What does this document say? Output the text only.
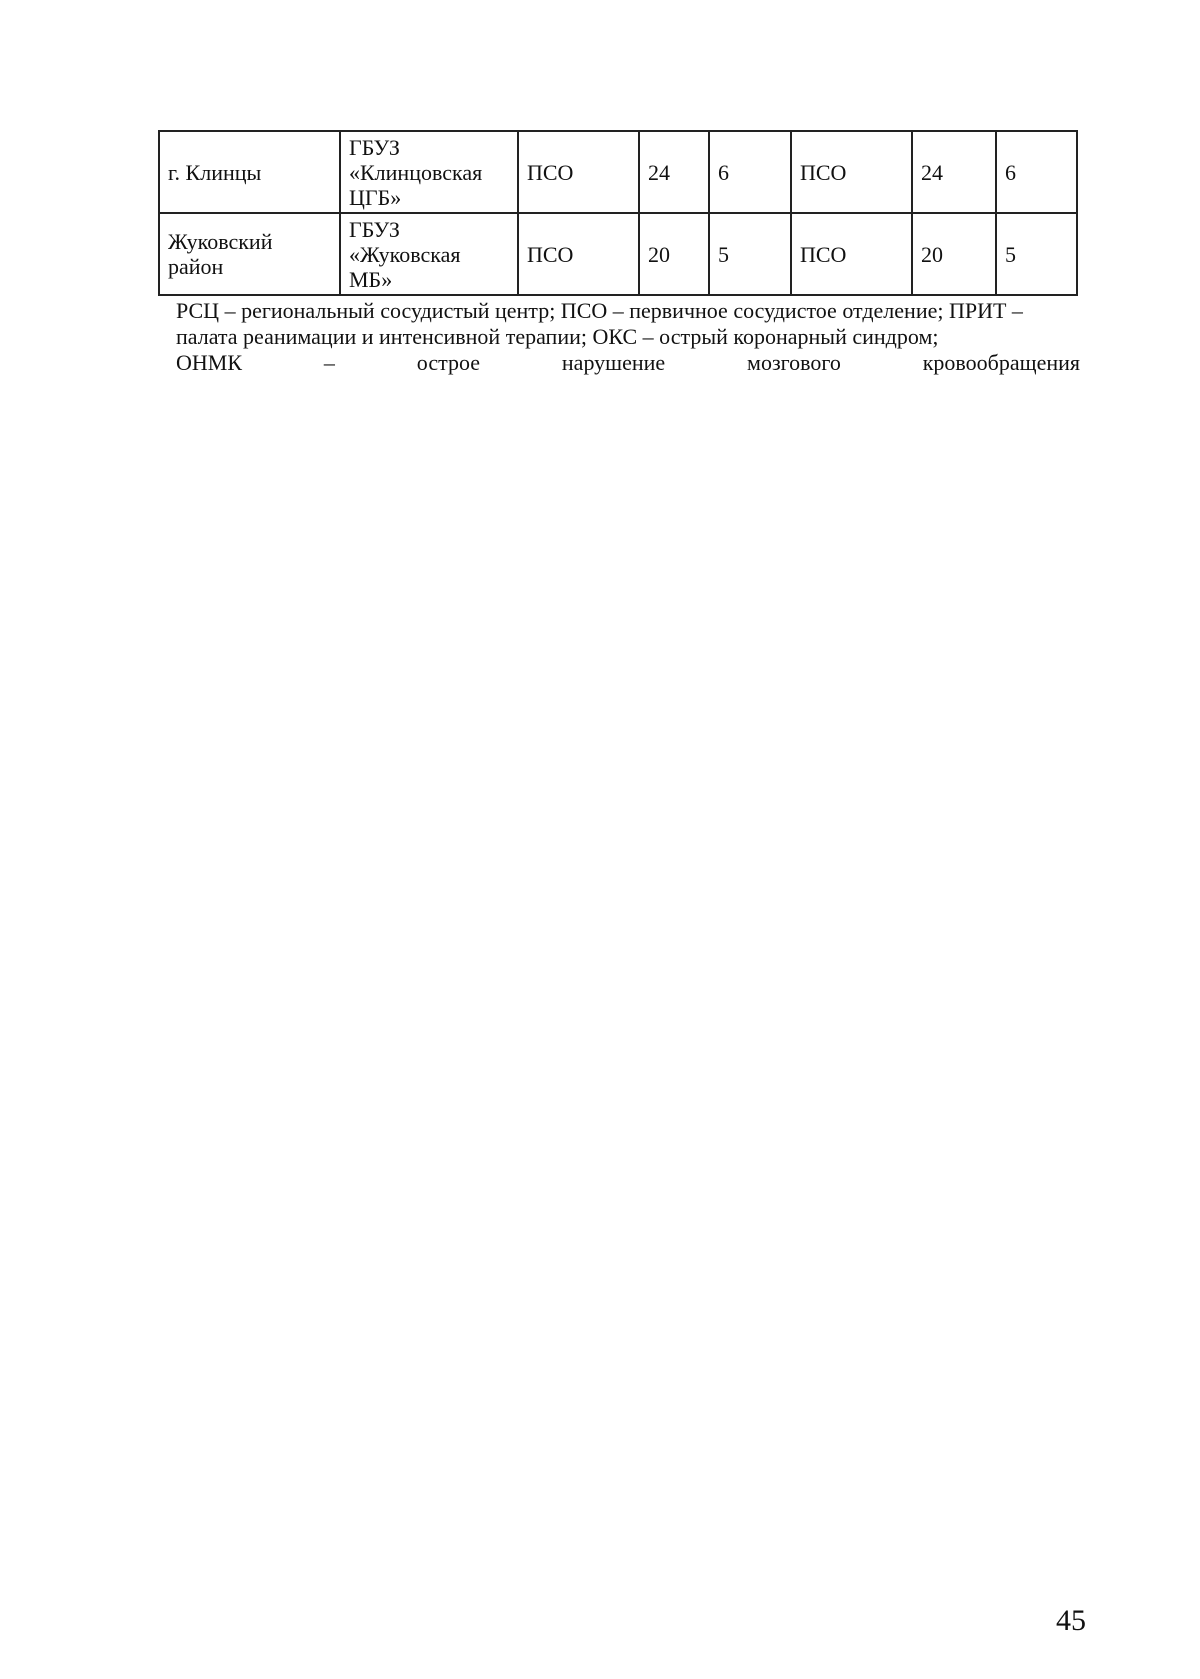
г. Клинцы	ГБУЗ
«Клинцовская
ЦГБ»	ПСО	24	6	ПСО	24	6
Жуковский район	ГБУЗ
«Жуковская
МБ»	ПСО	20	5	ПСО	20	5

РСЦ – региональный сосудистый центр; ПСО – первичное сосудистое отделение; ПРИТ –

палата реанимации и интенсивной терапии; ОКС – острый коронарный синдром;

ОНМК – острое нарушение мозгового кровообращения

45
